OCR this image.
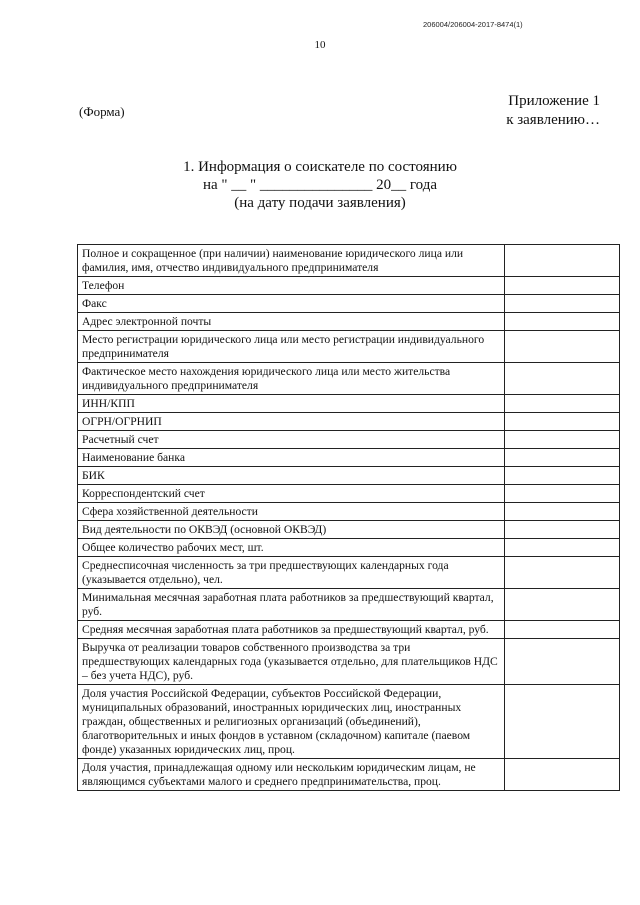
206004/206004-2017-8474(1)
10
Приложение 1
к заявлению…
(Форма)
1. Информация о соискателе по состоянию
на " __ " _______________ 20__ года
(на дату подачи заявления)
Полное и сокращенное (при наличии) наименование юридического лица или фамилия, имя, отчество индивидуального предпринимателя	
Телефон	
Факс	
Адрес электронной почты	
Место регистрации юридического лица или место регистрации индивидуального предпринимателя	
Фактическое место нахождения юридического лица или место жительства индивидуального предпринимателя	
ИНН/КПП	
ОГРН/ОГРНИП	
Расчетный счет	
Наименование банка	
БИК	
Корреспондентский счет	
Сфера хозяйственной деятельности	
Вид деятельности по ОКВЭД (основной ОКВЭД)	
Общее количество рабочих мест, шт.	
Среднесписочная численность за три предшествующих календарных года (указывается отдельно), чел.	
Минимальная месячная заработная плата работников за предшествующий квартал, руб.	
Средняя месячная заработная плата работников за предшествующий квартал, руб.	
Выручка от реализации товаров собственного производства за три предшествующих календарных года (указывается отдельно, для плательщиков НДС – без учета НДС), руб.	
Доля участия Российской Федерации, субъектов Российской Федерации, муниципальных образований, иностранных юридических лиц, иностранных граждан, общественных и религиозных организаций (объединений), благотворительных и иных фондов в уставном (складочном) капитале (паевом фонде) указанных юридических лиц, проц.	
Доля участия, принадлежащая одному или нескольким юридическим лицам, не являющимся субъектами малого и среднего предпринимательства, проц.	
